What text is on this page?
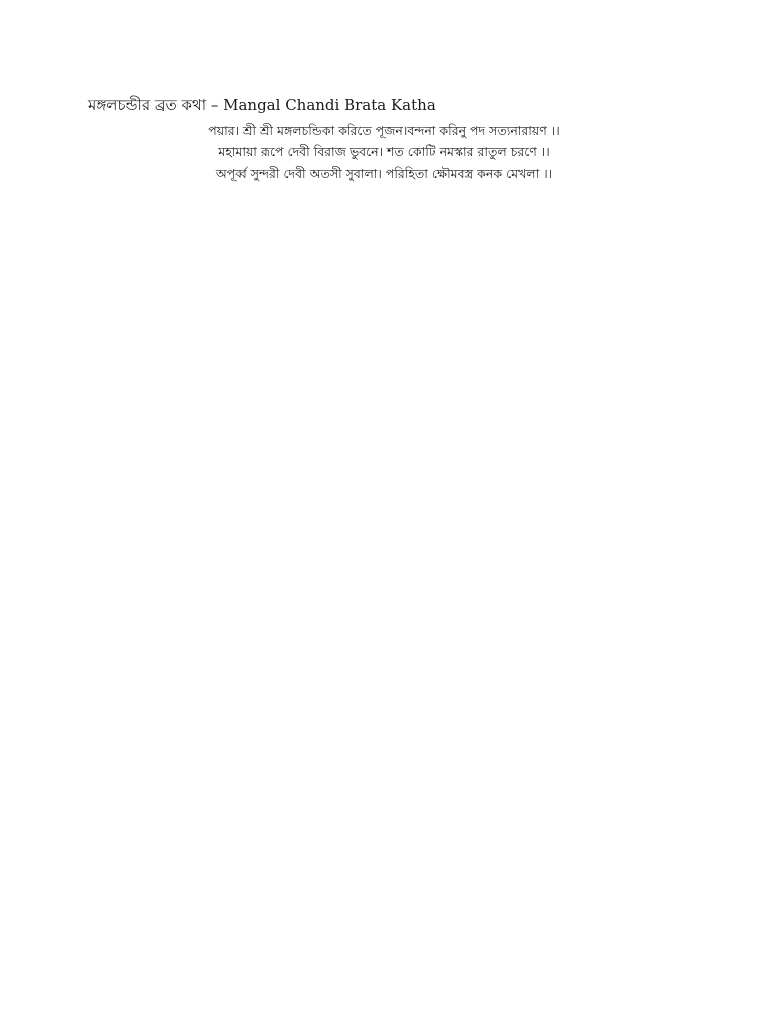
মঙ্গলচন্ডীর ব্রত কথা – Mangal Chandi Brata Katha
পয়ার। শ্রী শ্রী মঙ্গলচন্ডিকা করিতে পূজন।বন্দনা করিনু পদ সত্যনারায়ণ ।।
মহামায়া রূপে দেবী বিরাজ ভুবনে। শত কোটি নমস্কার রাতুল চরণে ।।
অপূর্ব্ব সুন্দরী দেবী অতসী সুবালা। পরিহিতা ক্ষৌমবস্ত্র কনক মেখলা ।।
